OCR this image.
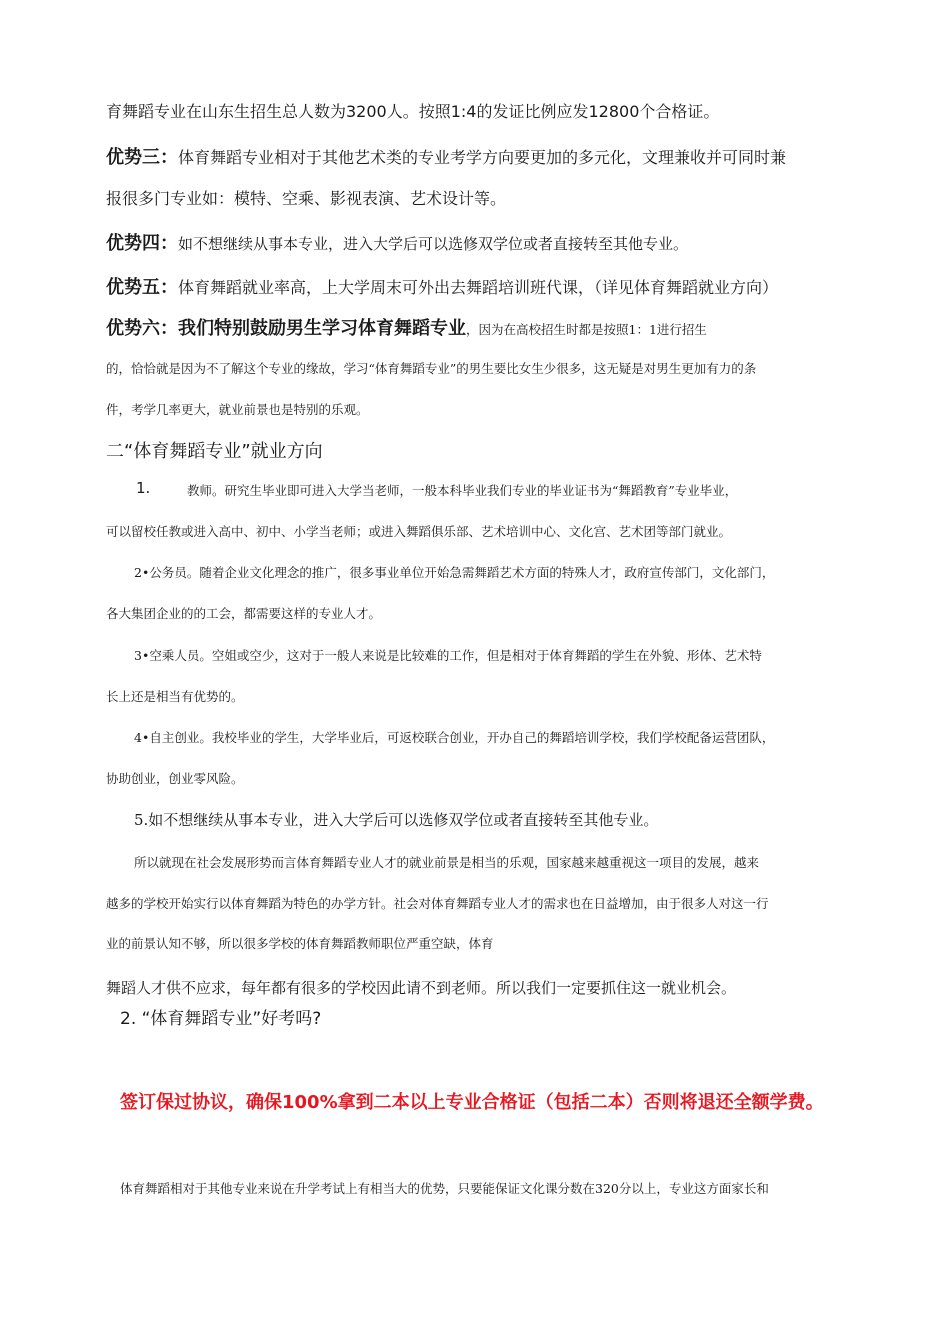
育舞蹈专业在山东生招生总人数为3200人。按照1:4的发证比例应发12800个合格证。

优势三：体育舞蹈专业相对于其他艺术类的专业考学方向要更加的多元化，文理兼收并可同时兼

报很多门专业如：模特、空乘、影视表演、艺术设计等。

优势四：如不想继续从事本专业，进入大学后可以选修双学位或者直接转至其他专业。

优势五：体育舞蹈就业率高，上大学周末可外出去舞蹈培训班代课，（详见体育舞蹈就业方向）

优势六：我们特别鼓励男生学习体育舞蹈专业，因为在高校招生时都是按照1：1进行招生

的，恰恰就是因为不了解这个专业的缘故，学习“体育舞蹈专业”的男生要比女生少很多，这无疑是对男生更加有力的条

件，考学几率更大，就业前景也是特别的乐观。

二“体育舞蹈专业”就业方向

1.	教师。研究生毕业即可进入大学当老师，一般本科毕业我们专业的毕业证书为“舞蹈教育”专业毕业，

可以留校任教或进入高中、初中、小学当老师；或进入舞蹈俱乐部、艺术培训中心、文化宫、艺术团等部门就业。

2•公务员。随着企业文化理念的推广，很多事业单位开始急需舞蹈艺术方面的特殊人才，政府宣传部门，文化部门，

各大集团企业的的工会，都需要这样的专业人才。

3•空乘人员。空姐或空少，这对于一般人来说是比较难的工作，但是相对于体育舞蹈的学生在外貌、形体、艺术特

长上还是相当有优势的。

4•自主创业。我校毕业的学生，大学毕业后，可返校联合创业，开办自己的舞蹈培训学校，我们学校配备运营团队，

协助创业，创业零风险。

5.如不想继续从事本专业，进入大学后可以选修双学位或者直接转至其他专业。

所以就现在社会发展形势而言体育舞蹈专业人才的就业前景是相当的乐观，国家越来越重视这一项目的发展，越来

越多的学校开始实行以体育舞蹈为特色的办学方针。社会对体育舞蹈专业人才的需求也在日益增加，由于很多人对这一行

业的前景认知不够，所以很多学校的体育舞蹈教师职位严重空缺，体育

舞蹈人才供不应求，每年都有很多的学校因此请不到老师。所以我们一定要抓住这一就业机会。

2. “体育舞蹈专业”好考吗?

签订保过协议，确保100%拿到二本以上专业合格证（包括二本）否则将退还全额学费。

体育舞蹈相对于其他专业来说在升学考试上有相当大的优势，只要能保证文化课分数在320分以上，专业这方面家长和
